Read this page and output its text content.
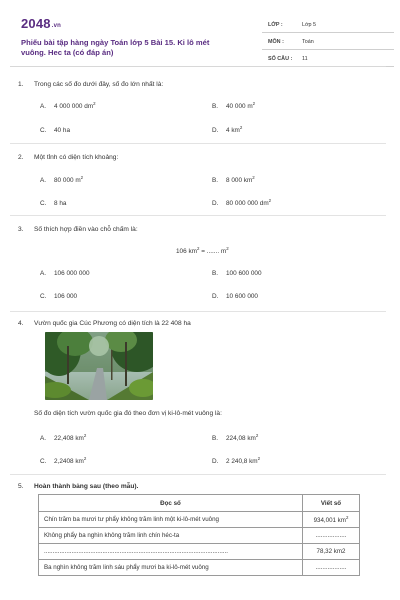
2048.vn
Phiếu bài tập hàng ngày Toán lớp 5 Bài 15. Ki lô mét vuông. Hec ta (có đáp án)
LỚP :	Lớp 5
MÔN :	Toán
SỐ CÂU : 11
1. Trong các số đo dưới đây, số đo lớn nhất là:
A. 4 000 000 $dm^2$	B. 40 000 $m^2$
C. 40 ha	D. 4 $km^2$
2. Một tỉnh có diện tích khoảng:
A. 80 000 $m^2$	B. 8 000 $km^2$
C. 8 ha	D. 80 000 000 $dm^2$
3. Số thích hợp điền vào chỗ chấm là:
106 $km^2$ = ....... $m^2$
A. 106 000 000	B. 100 600 000
C. 106 000	D. 10 600 000
4. Vườn quốc gia Cúc Phương có diện tích là 22 408 ha
Số đo diện tích vườn quốc gia đó theo đơn vị ki-lô-mét vuông là:
A. 22,408 $km^2$	B. 224,08 $km^2$
C. 2,2408 $km^2$	D. 2 240,8 $km^2$
5. Hoàn thành bảng sau (theo mẫu).
Đọc số	Viết số
Chín trăm ba mươi tư phẩy không trăm linh một ki-lô-mét vuông	934,001 $km^2$
Không phẩy ba nghìn không trăm linh chín héc-ta	..................
...........................................................................................................	78,32 km2
Ba nghìn không trăm linh sáu phẩy mươi ba ki-lô-mét vuông	..................
